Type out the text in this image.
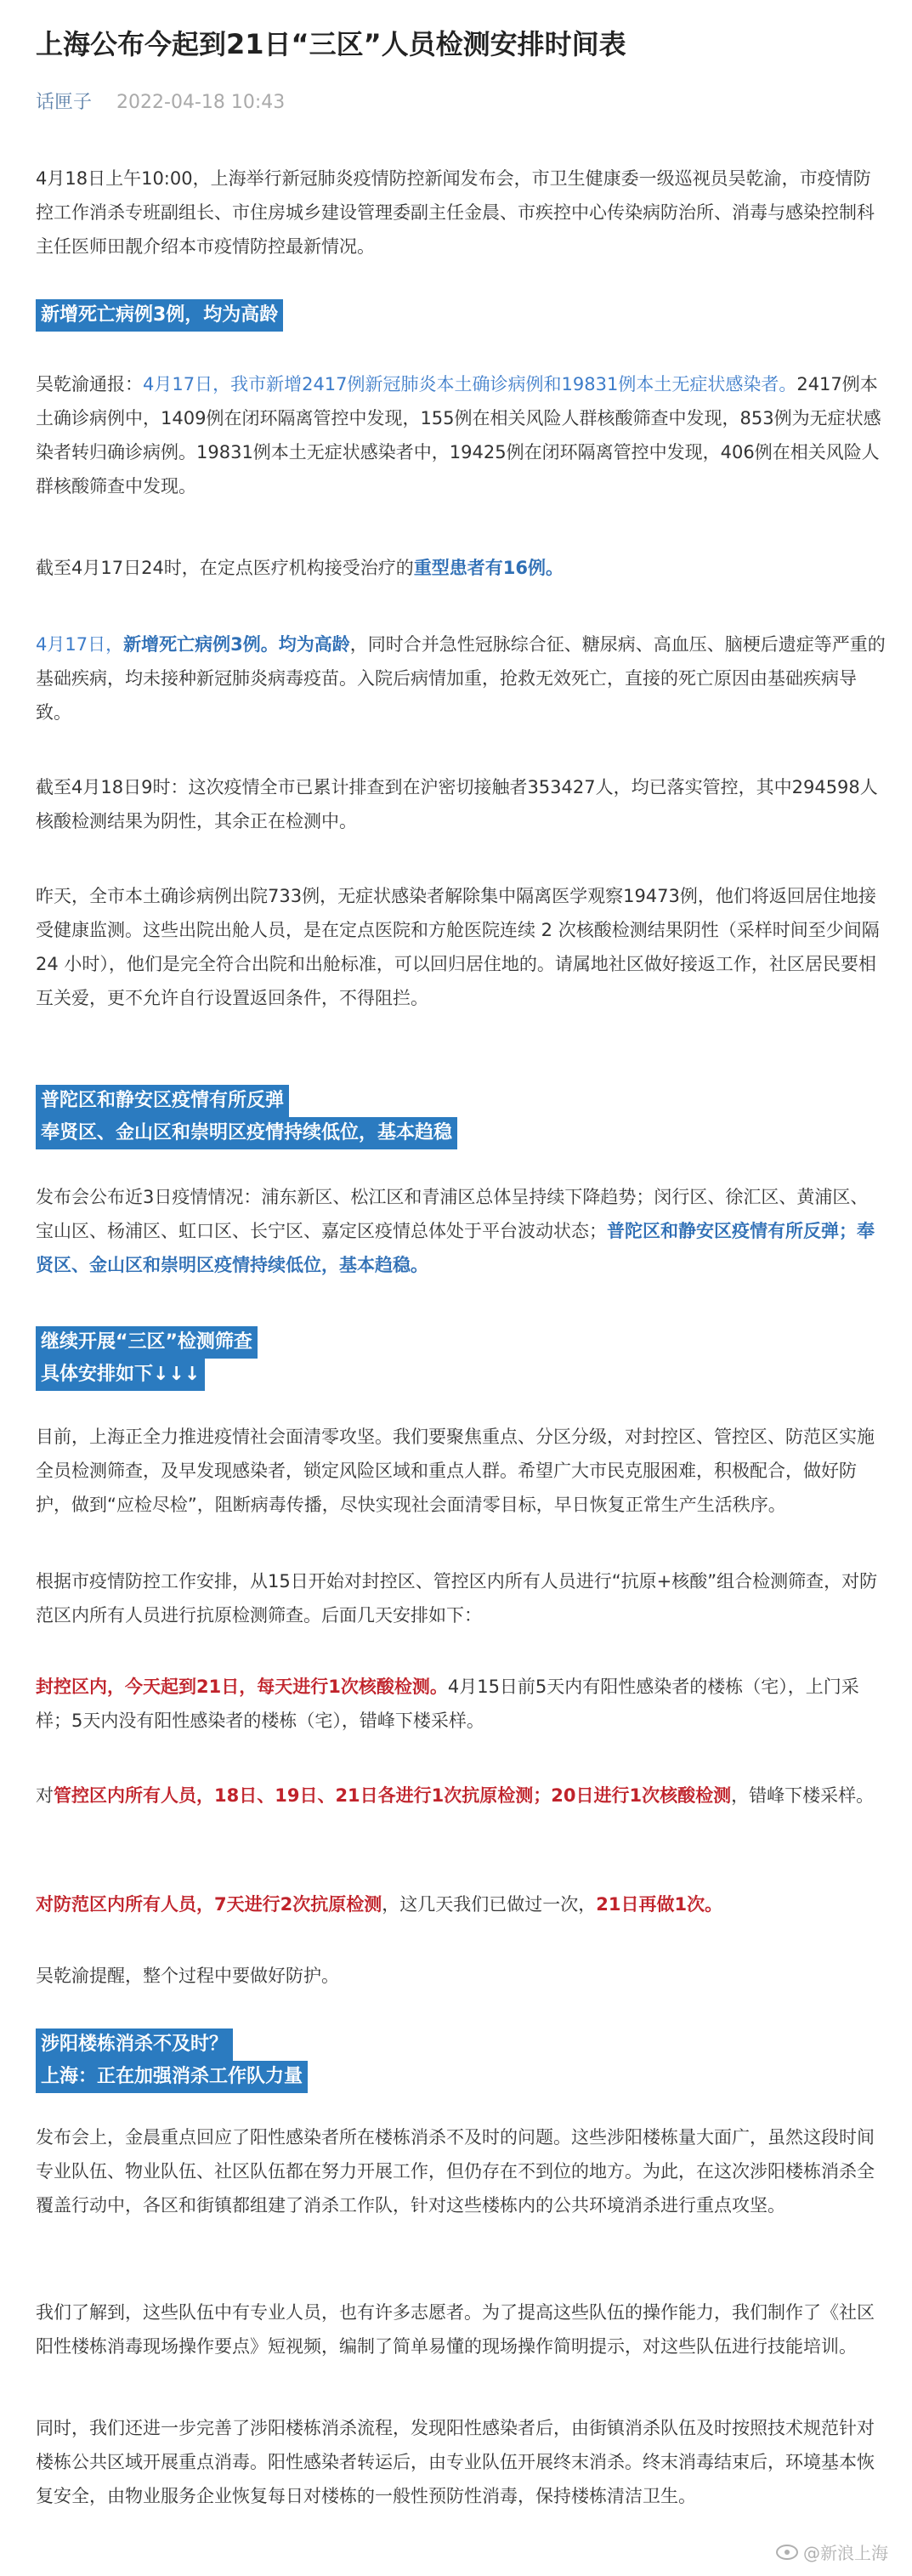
上海公布今起到21日“三区”人员检测安排时间表
话匣子 2022-04-18 10:43
4月18日上午10:00，上海举行新冠肺炎疫情防控新闻发布会，市卫生健康委一级巡视员吴乾渝，市疫情防控工作消杀专班副组长、市住房城乡建设管理委副主任金晨、市疾控中心传染病防治所、消毒与感染控制科主任医师田靓介绍本市疫情防控最新情况。
新增死亡病例3例，均为高龄
吴乾渝通报：4月17日，我市新增2417例新冠肺炎本土确诊病例和19831例本土无症状感染者。2417例本土确诊病例中，1409例在闭环隔离管控中发现，155例在相关风险人群核酸筛查中发现，853例为无症状感染者转归确诊病例。19831例本土无症状感染者中，19425例在闭环隔离管控中发现，406例在相关风险人群核酸筛查中发现。
截至4月17日24时，在定点医疗机构接受治疗的重型患者有16例。
4月17日，新增死亡病例3例。均为高龄，同时合并急性冠脉综合征、糖尿病、高血压、脑梗后遗症等严重的基础疾病，均未接种新冠肺炎病毒疫苗。入院后病情加重，抢救无效死亡，直接的死亡原因由基础疾病导致。
截至4月18日9时：这次疫情全市已累计排查到在沪密切接触者353427人，均已落实管控，其中294598人核酸检测结果为阴性，其余正在检测中。
昨天，全市本土确诊病例出院733例，无症状感染者解除集中隔离医学观察19473例，他们将返回居住地接受健康监测。这些出院出舱人员，是在定点医院和方舱医院连续 2 次核酸检测结果阴性（采样时间至少间隔 24 小时），他们是完全符合出院和出舱标准，可以回归居住地的。请属地社区做好接返工作，社区居民要相互关爱，更不允许自行设置返回条件，不得阻拦。
普陀区和静安区疫情有所反弹
奉贤区、金山区和崇明区疫情持续低位，基本趋稳
发布会公布近3日疫情情况：浦东新区、松江区和青浦区总体呈持续下降趋势；闵行区、徐汇区、黄浦区、宝山区、杨浦区、虹口区、长宁区、嘉定区疫情总体处于平台波动状态；普陀区和静安区疫情有所反弹；奉贤区、金山区和崇明区疫情持续低位，基本趋稳。
继续开展“三区”检测筛查
具体安排如下↓↓↓
目前，上海正全力推进疫情社会面清零攻坚。我们要聚焦重点、分区分级，对封控区、管控区、防范区实施全员检测筛查，及早发现感染者，锁定风险区域和重点人群。希望广大市民克服困难，积极配合，做好防护，做到“应检尽检”，阻断病毒传播，尽快实现社会面清零目标，早日恢复正常生产生活秩序。
根据市疫情防控工作安排，从15日开始对封控区、管控区内所有人员进行“抗原+核酸”组合检测筛查，对防范区内所有人员进行抗原检测筛查。后面几天安排如下：
封控区内，今天起到21日，每天进行1次核酸检测。4月15日前5天内有阳性感染者的楼栋（宅），上门采样；5天内没有阳性感染者的楼栋（宅），错峰下楼采样。
对管控区内所有人员，18日、19日、21日各进行1次抗原检测；20日进行1次核酸检测，错峰下楼采样。
对防范区内所有人员，7天进行2次抗原检测，这几天我们已做过一次，21日再做1次。
吴乾渝提醒，整个过程中要做好防护。
涉阳楼栋消杀不及时？
上海：正在加强消杀工作队力量
发布会上，金晨重点回应了阳性感染者所在楼栋消杀不及时的问题。这些涉阳楼栋量大面广，虽然这段时间专业队伍、物业队伍、社区队伍都在努力开展工作，但仍存在不到位的地方。为此，在这次涉阳楼栋消杀全覆盖行动中，各区和街镇都组建了消杀工作队，针对这些楼栋内的公共环境消杀进行重点攻坚。
我们了解到，这些队伍中有专业人员，也有许多志愿者。为了提高这些队伍的操作能力，我们制作了《社区阳性楼栋消毒现场操作要点》短视频，编制了简单易懂的现场操作简明提示，对这些队伍进行技能培训。
同时，我们还进一步完善了涉阳楼栋消杀流程，发现阳性感染者后，由街镇消杀队伍及时按照技术规范针对楼栋公共区域开展重点消毒。阳性感染者转运后，由专业队伍开展终末消杀。终末消毒结束后，环境基本恢复安全，由物业服务企业恢复每日对楼栋的一般性预防性消毒，保持楼栋清洁卫生。
@新浪上海
